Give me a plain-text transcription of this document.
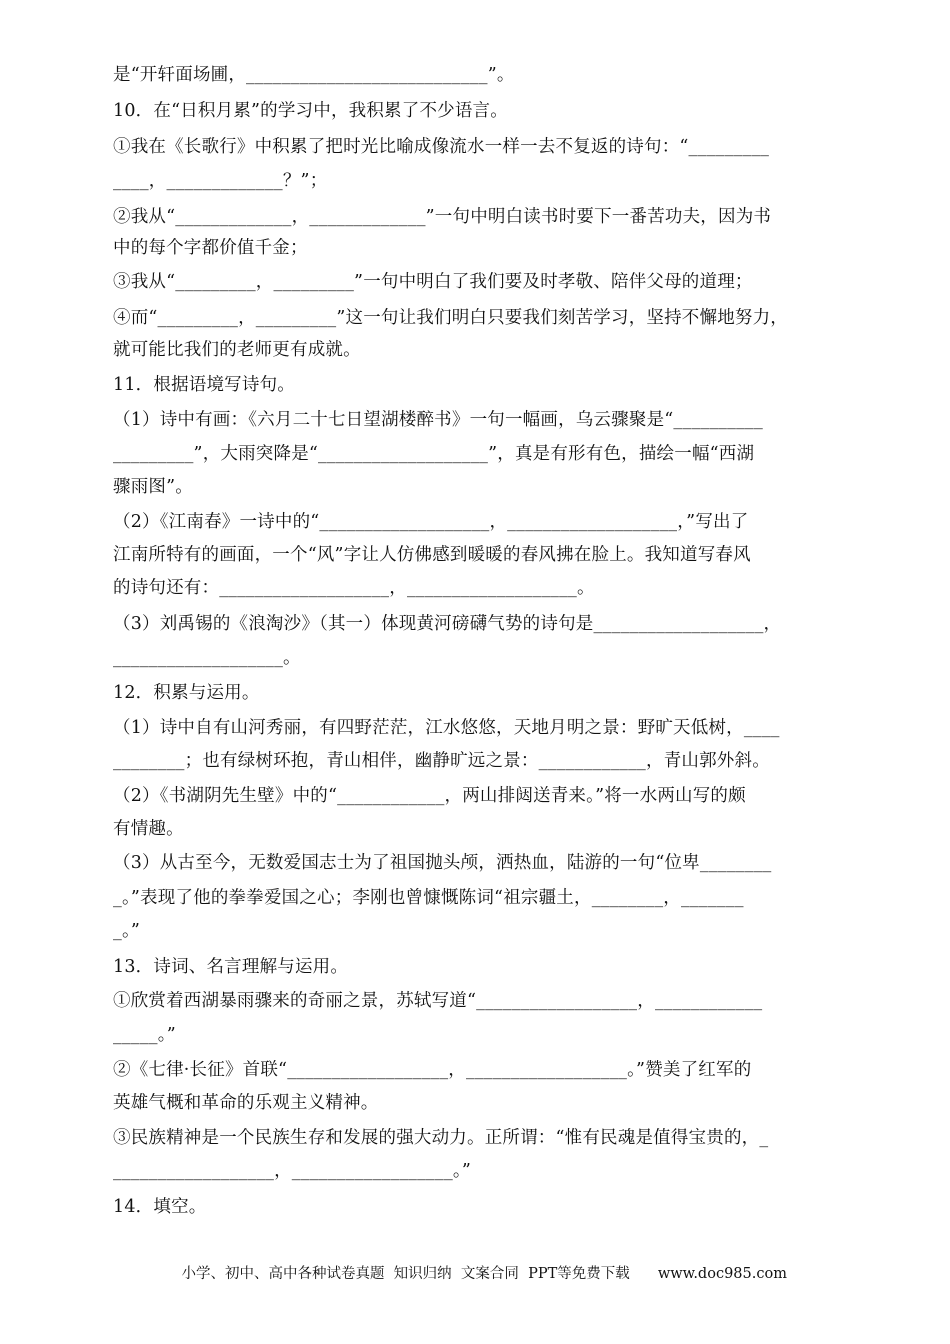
是“开轩面场圃，___________________________”。
10．在“日积月累”的学习中，我积累了不少语言。
①我在《长歌行》中积累了把时光比喻成像流水一样一去不复返的诗句：“_________
____，_____________？”；
②我从“_____________，_____________”一句中明白读书时要下一番苦功夫，因为书
中的每个字都价值千金；
③我从“_________，_________”一句中明白了我们要及时孝敬、陪伴父母的道理；
④而“_________，_________”这一句让我们明白只要我们刻苦学习，坚持不懈地努力，
就可能比我们的老师更有成就。
11．根据语境写诗句。
（1）诗中有画：《六月二十七日望湖楼醉书》一句一幅画，乌云骤聚是“__________
_________”，大雨突降是“___________________”，真是有形有色，描绘一幅“西湖
骤雨图”。
（2）《江南春》一诗中的“___________________，___________________，”写出了
江南所特有的画面，一个“风”字让人仿佛感到暖暖的春风拂在脸上。我知道写春风
的诗句还有：___________________，___________________。
（3）刘禹锡的《浪淘沙》（其一）体现黄河磅礴气势的诗句是___________________，
___________________。
12．积累与运用。
（1）诗中自有山河秀丽，有四野茫茫，江水悠悠，天地月明之景：野旷天低树，____
________；也有绿树环抱，青山相伴，幽静旷远之景：____________，青山郭外斜。
（2）《书湖阴先生壁》中的“____________，两山排闼送青来。”将一水两山写的颇
有情趣。
（3）从古至今，无数爱国志士为了祖国抛头颅，洒热血，陆游的一句“位卑________
_。”表现了他的拳拳爱国之心；李刚也曾慷慨陈词“祖宗疆土，________，_______
_。”
13．诗词、名言理解与运用。
①欣赏着西湖暴雨骤来的奇丽之景，苏轼写道“__________________，____________
_____。”
②《七律·长征》首联“__________________，__________________。”赞美了红军的
英雄气概和革命的乐观主义精神。
③民族精神是一个民族生存和发展的强大动力。正所谓：“惟有民魂是值得宝贵的，_
__________________，__________________。”
14．填空。

小学、初中、高中各种试卷真题  知识归纳  文案合同  PPT等免费下载 www.doc985.com
